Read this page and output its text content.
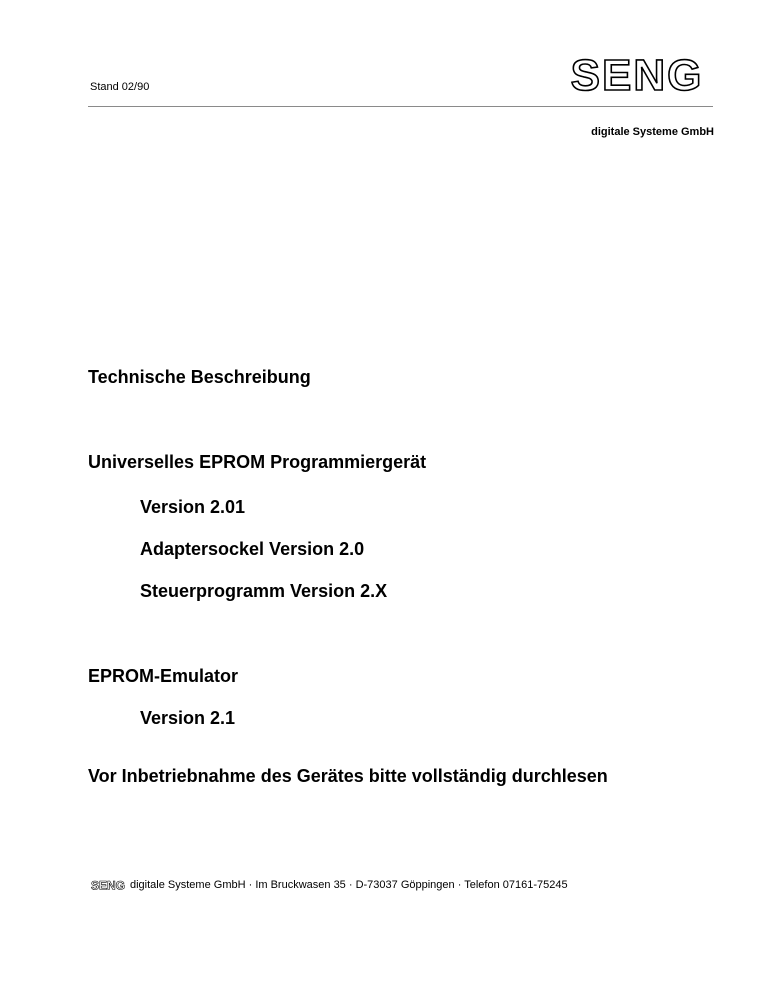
Stand 02/90	SENG
digitale Systeme GmbH
Technische Beschreibung
Universelles EPROM Programmiergerät
Version 2.01
Adaptersockel Version 2.0
Steuerprogramm Version 2.X
EPROM-Emulator
Version 2.1
Vor Inbetriebnahme des Gerätes bitte vollständig durchlesen
SENG digitale Systeme GmbH · Im Bruckwasen 35 · D-73037 Göppingen · Telefon 07161-75245
